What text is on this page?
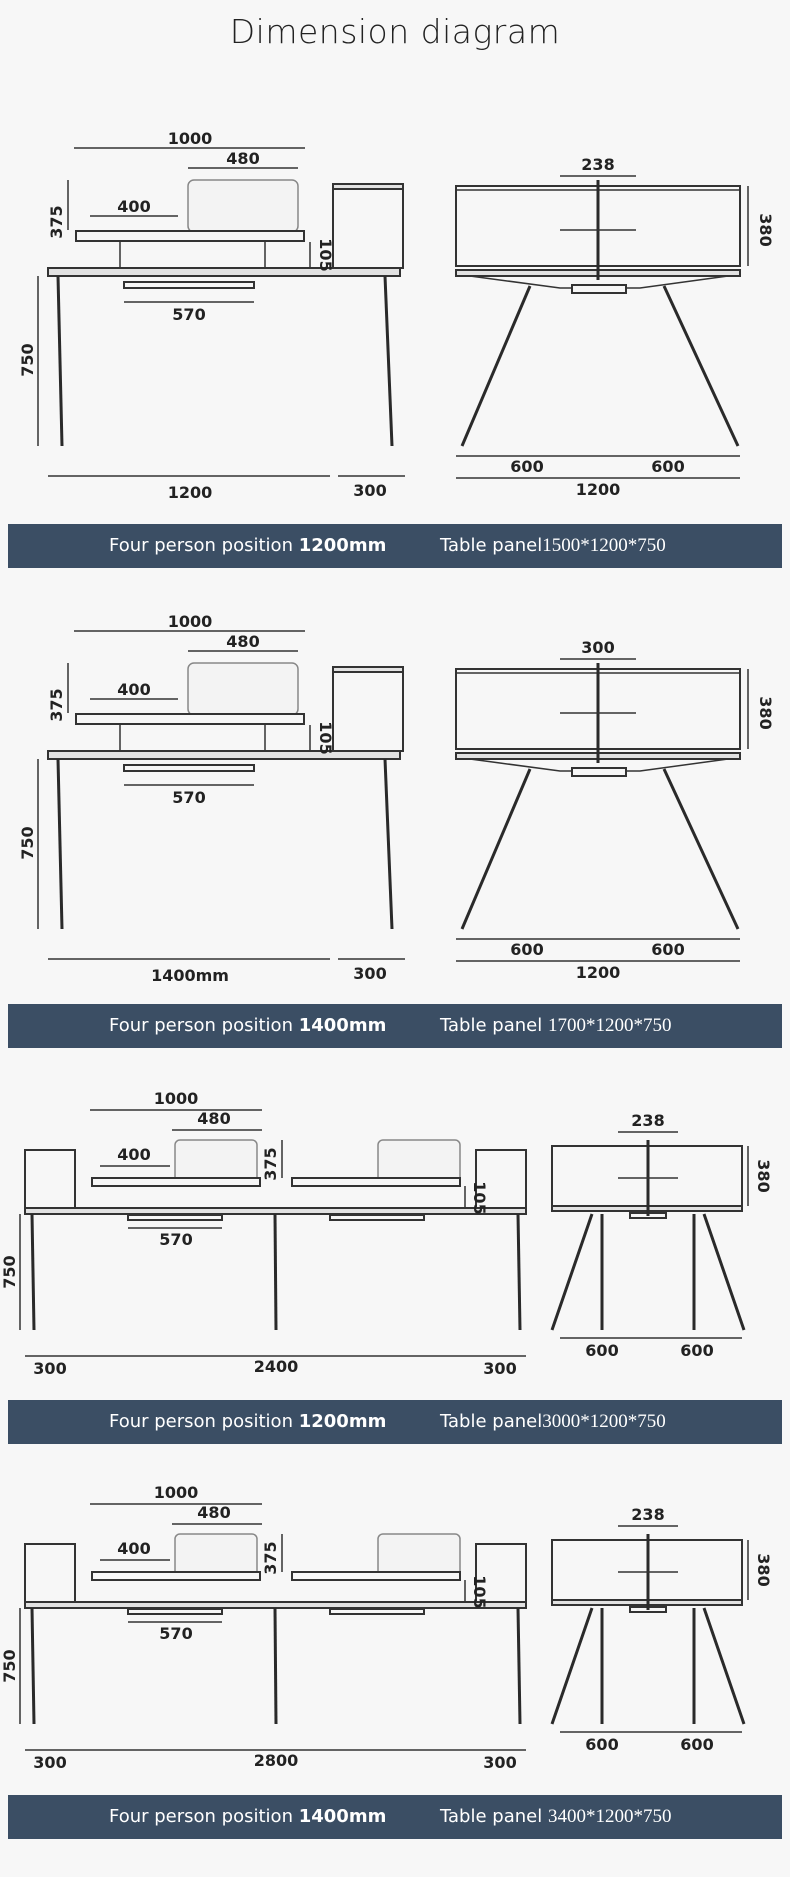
Dimension diagram
1000
480
400
375
105
570
750
1200	300
238
380
600	600
1200
Four person position 1200mm	Table panel1500*1200*750
1000
480
400
375
105
570
750
1400mm	300
300
380
600	600
1200
Four person position 1400mm	Table panel 1700*1200*750
1000
480
400	375
105
570
750
300	2400	300
238
380
600	600
Four person position 1200mm	Table panel3000*1200*750
1000
480
400	375
105
570
750
300	2800	300
238
380
600	600
Four person position 1400mm	Table panel 3400*1200*750
